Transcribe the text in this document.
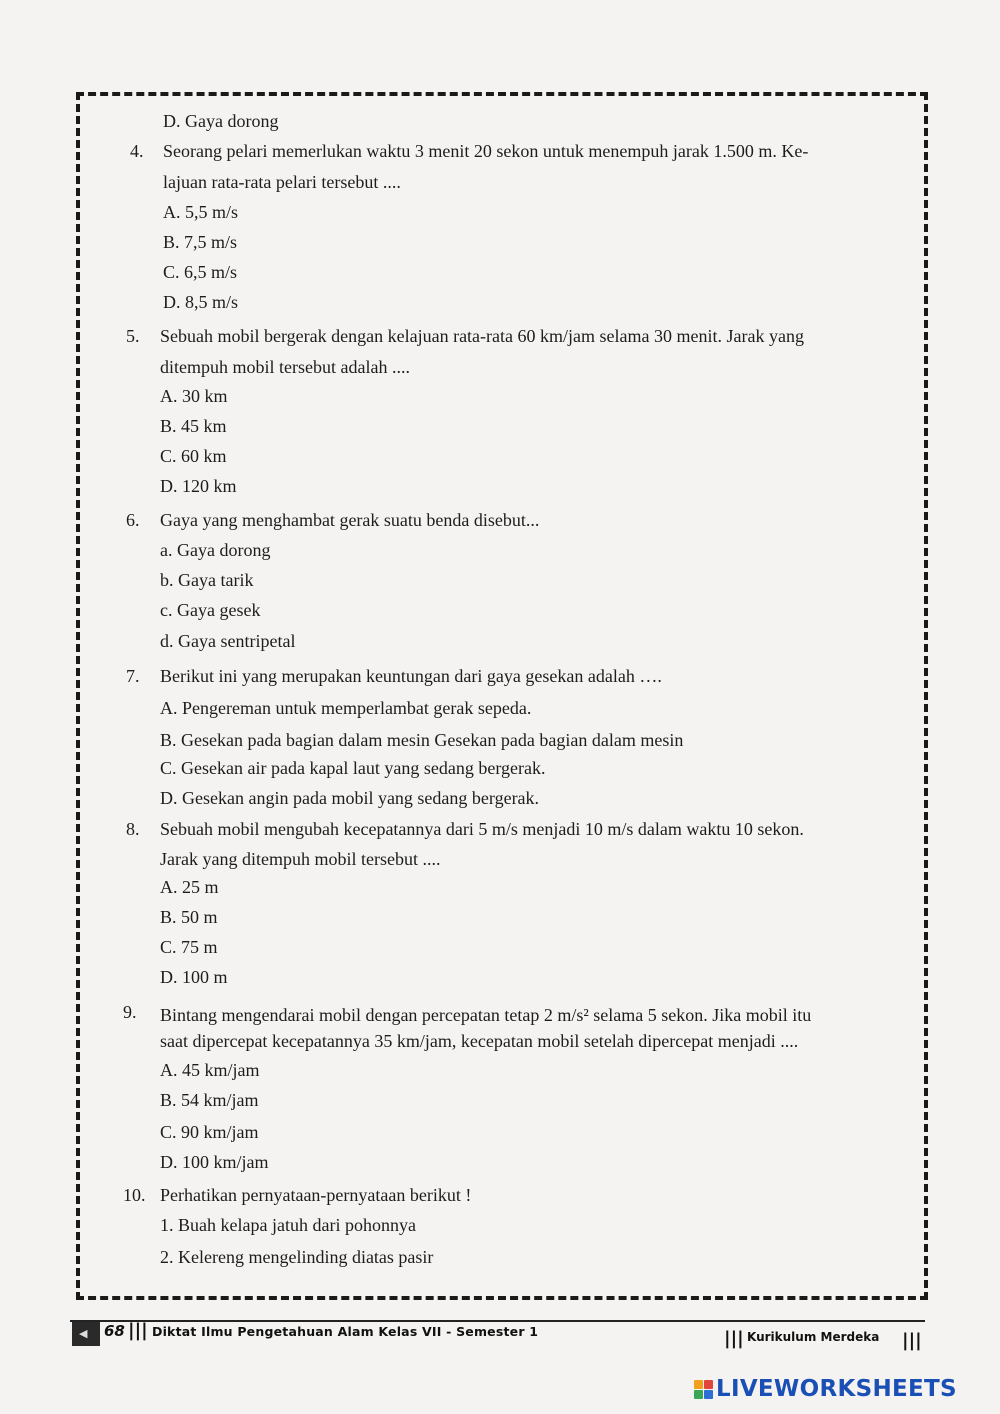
D. Gaya dorong
4. Seorang pelari memerlukan waktu 3 menit 20 sekon untuk menempuh jarak 1.500 m. Ke-
lajuan rata-rata pelari tersebut ....
A. 5,5 m/s
B. 7,5 m/s
C. 6,5 m/s
D. 8,5 m/s
5. Sebuah mobil bergerak dengan kelajuan rata-rata 60 km/jam selama 30 menit. Jarak yang
ditempuh mobil tersebut adalah ....
A. 30 km
B. 45 km
C. 60 km
D. 120 km
6. Gaya yang menghambat gerak suatu benda disebut...
a. Gaya dorong
b. Gaya tarik
c. Gaya gesek
d. Gaya sentripetal
7. Berikut ini yang merupakan keuntungan dari gaya gesekan adalah ….
A. Pengereman untuk memperlambat gerak sepeda.
B. Gesekan pada bagian dalam mesin Gesekan pada bagian dalam mesin
C. Gesekan air pada kapal laut yang sedang bergerak.
D. Gesekan angin pada mobil yang sedang bergerak.
8. Sebuah mobil mengubah kecepatannya dari 5 m/s menjadi 10 m/s dalam waktu 10 sekon.
Jarak yang ditempuh mobil tersebut ....
A. 25 m
B. 50 m
C. 75 m
D. 100 m
9. Bintang mengendarai mobil dengan percepatan tetap 2 m/s² selama 5 sekon. Jika mobil itu
saat dipercepat kecepatannya 35 km/jam, kecepatan mobil setelah dipercepat menjadi ....
A. 45 km/jam
B. 54 km/jam
C. 90 km/jam
D. 100 km/jam
10. Perhatikan pernyataan-pernyataan berikut !
1. Buah kelapa jatuh dari pohonnya
2. Kelereng mengelinding diatas pasir
◀ 68 ||| Diktat Ilmu Pengetahuan Alam Kelas VII - Semester 1	||| Kurikulum Merdeka |||
LIVEWORKSHEETS
